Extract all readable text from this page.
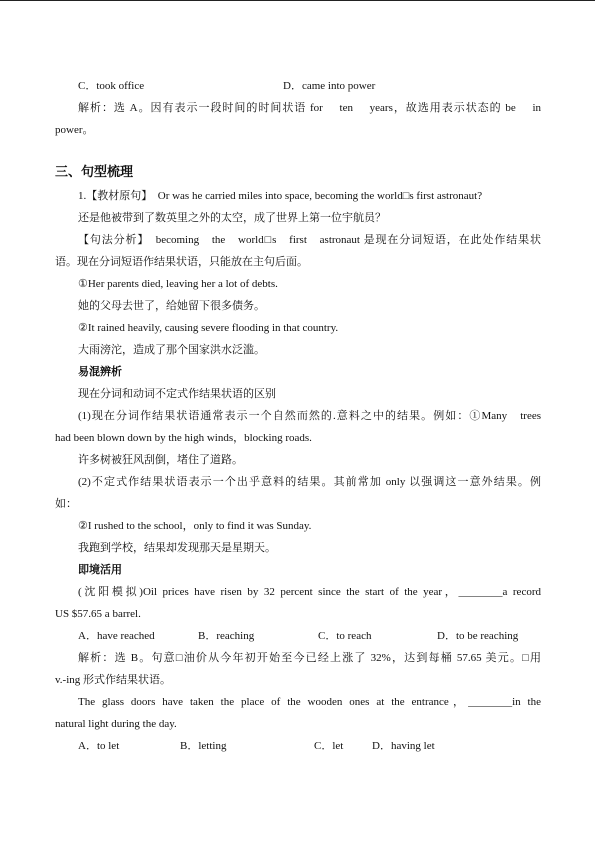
C．took office	D．came into power
解析：选 A。因有表示一段时间的时间状语 for　 ten　 years，故选用表示状态的 be　 in
power。
三、句型梳理
1.【教材原句】　Or was he carried miles into space, becoming the world□s first astronaut?
还是他被带到了数英里之外的太空，成了世界上第一位宇航员？
【句法分析】　becoming　the　world□s　first　astronaut 是现在分词短语，在此处作结果状
语。现在分词短语作结果状语，只能放在主句后面。
①Her parents died, leaving her a lot of debts.
她的父母去世了，给她留下很多债务。
②It rained heavily, causing severe flooding in that country.
大雨滂沱，造成了那个国家洪水泛滥。
易混辨析
现在分词和动词不定式作结果状语的区别
(1)现在分词作结果状语通常表示一个自然而然的.意料之中的结果。例如：①Many　trees
had been blown down by the high winds，blocking roads.
许多树被狂风刮倒，堵住了道路。
(2)不定式作结果状语表示一个出乎意料的结果。其前常加 only 以强调这一意外结果。例
如：
②I rushed to the school，only to find it was Sunday.
我跑到学校，结果却发现那天是星期天。
即境活用
(沈阳模拟)Oil prices have risen by 32 percent since the start of the year，________a record
US $57.65 a barrel.
A．have reached	B．reaching	C．to reach	D．to be reaching
解析：选 B。句意□油价从今年初开始至今已经上涨了 32%，达到每桶 57.65 美元。□用
v.-ing 形式作结果状语。
The glass doors have taken the place of the wooden ones at the entrance，________in the
natural light during the day.
A．to let	B．letting	C．let	D．having let
